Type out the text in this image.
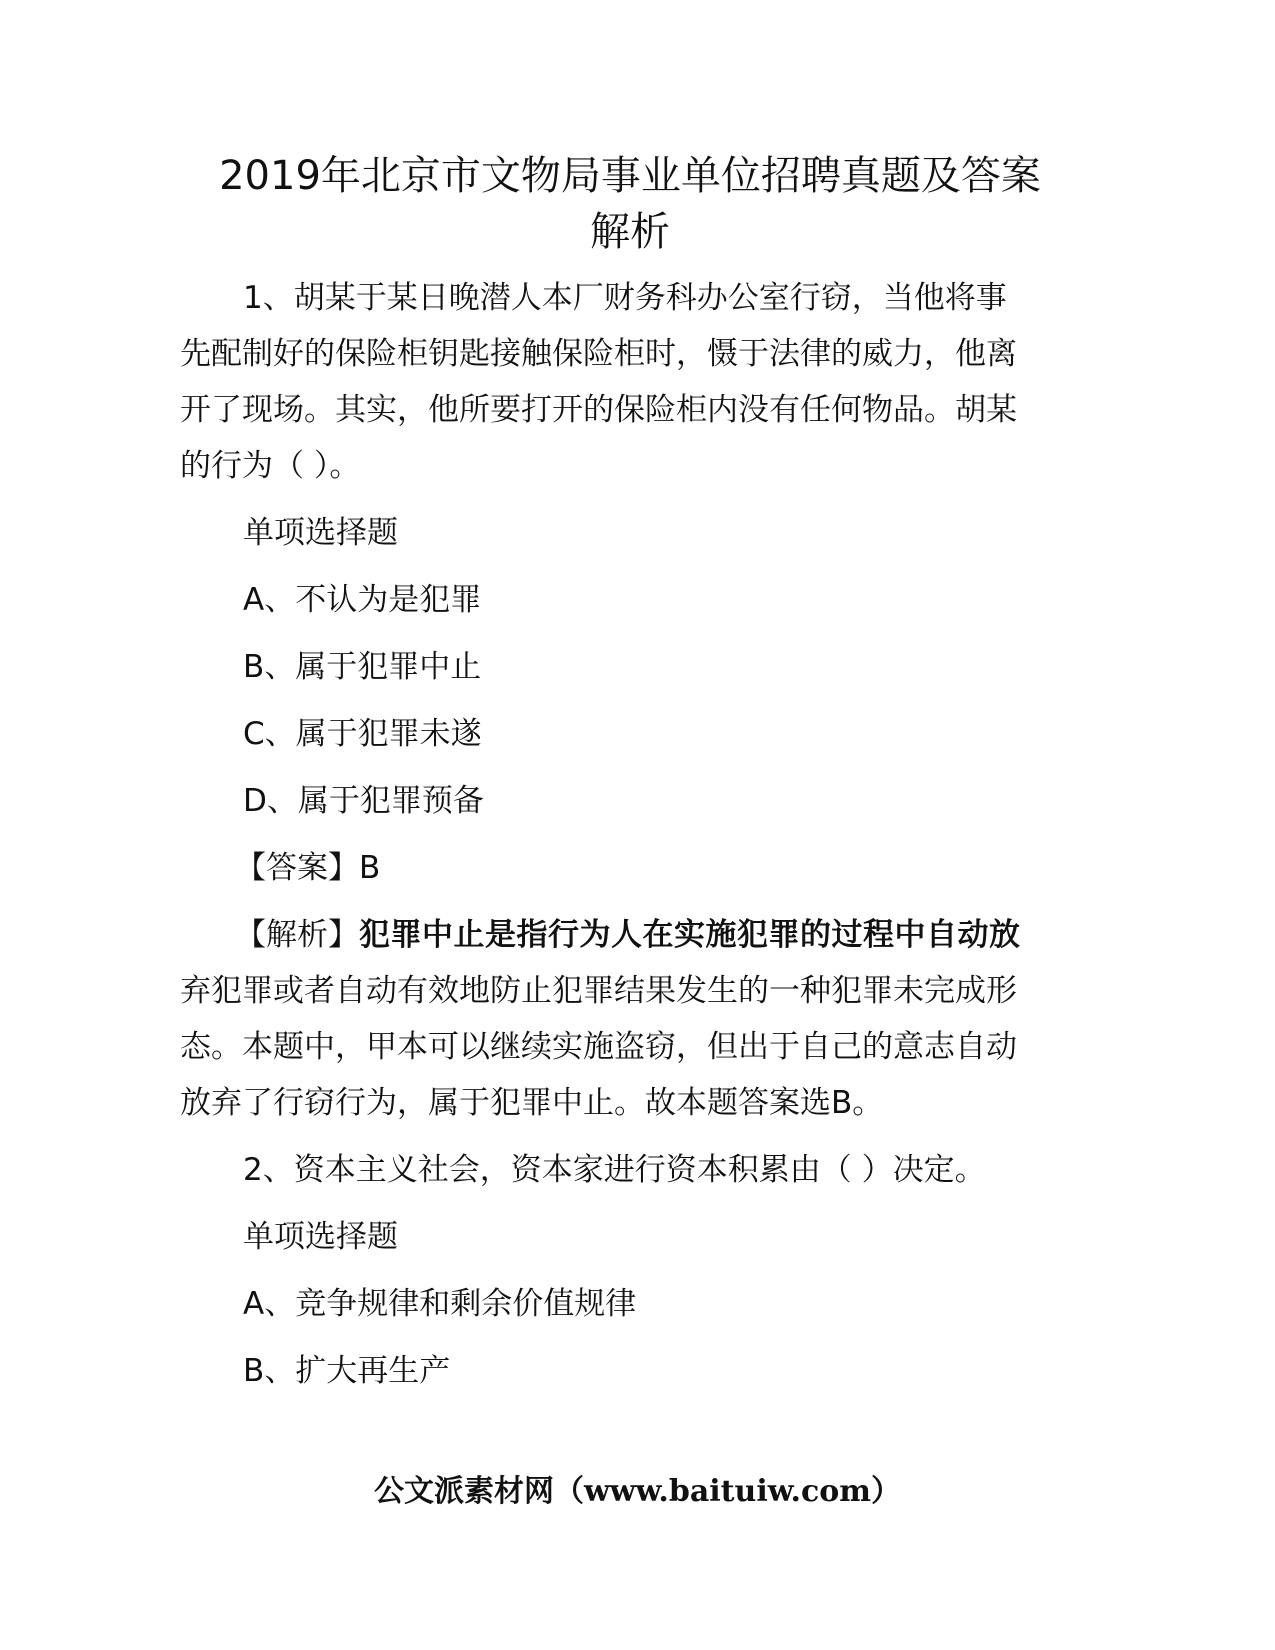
2019年北京市文物局事业单位招聘真题及答案
解析
1、胡某于某日晚潜人本厂财务科办公室行窃，当他将事
先配制好的保险柜钥匙接触保险柜时，慑于法律的威力，他离
开了现场。其实，他所要打开的保险柜内没有任何物品。胡某
的行为（ ）。
单项选择题
A、不认为是犯罪
B、属于犯罪中止
C、属于犯罪未遂
D、属于犯罪预备
【答案】B
【解析】犯罪中止是指行为人在实施犯罪的过程中自动放
弃犯罪或者自动有效地防止犯罪结果发生的一种犯罪未完成形
态。本题中，甲本可以继续实施盗窃，但出于自己的意志自动
放弃了行窃行为，属于犯罪中止。故本题答案选B。
2、资本主义社会，资本家进行资本积累由（ ）决定。
单项选择题
A、竞争规律和剩余价值规律
B、扩大再生产
公文派素材网（www.baituiw.com）
